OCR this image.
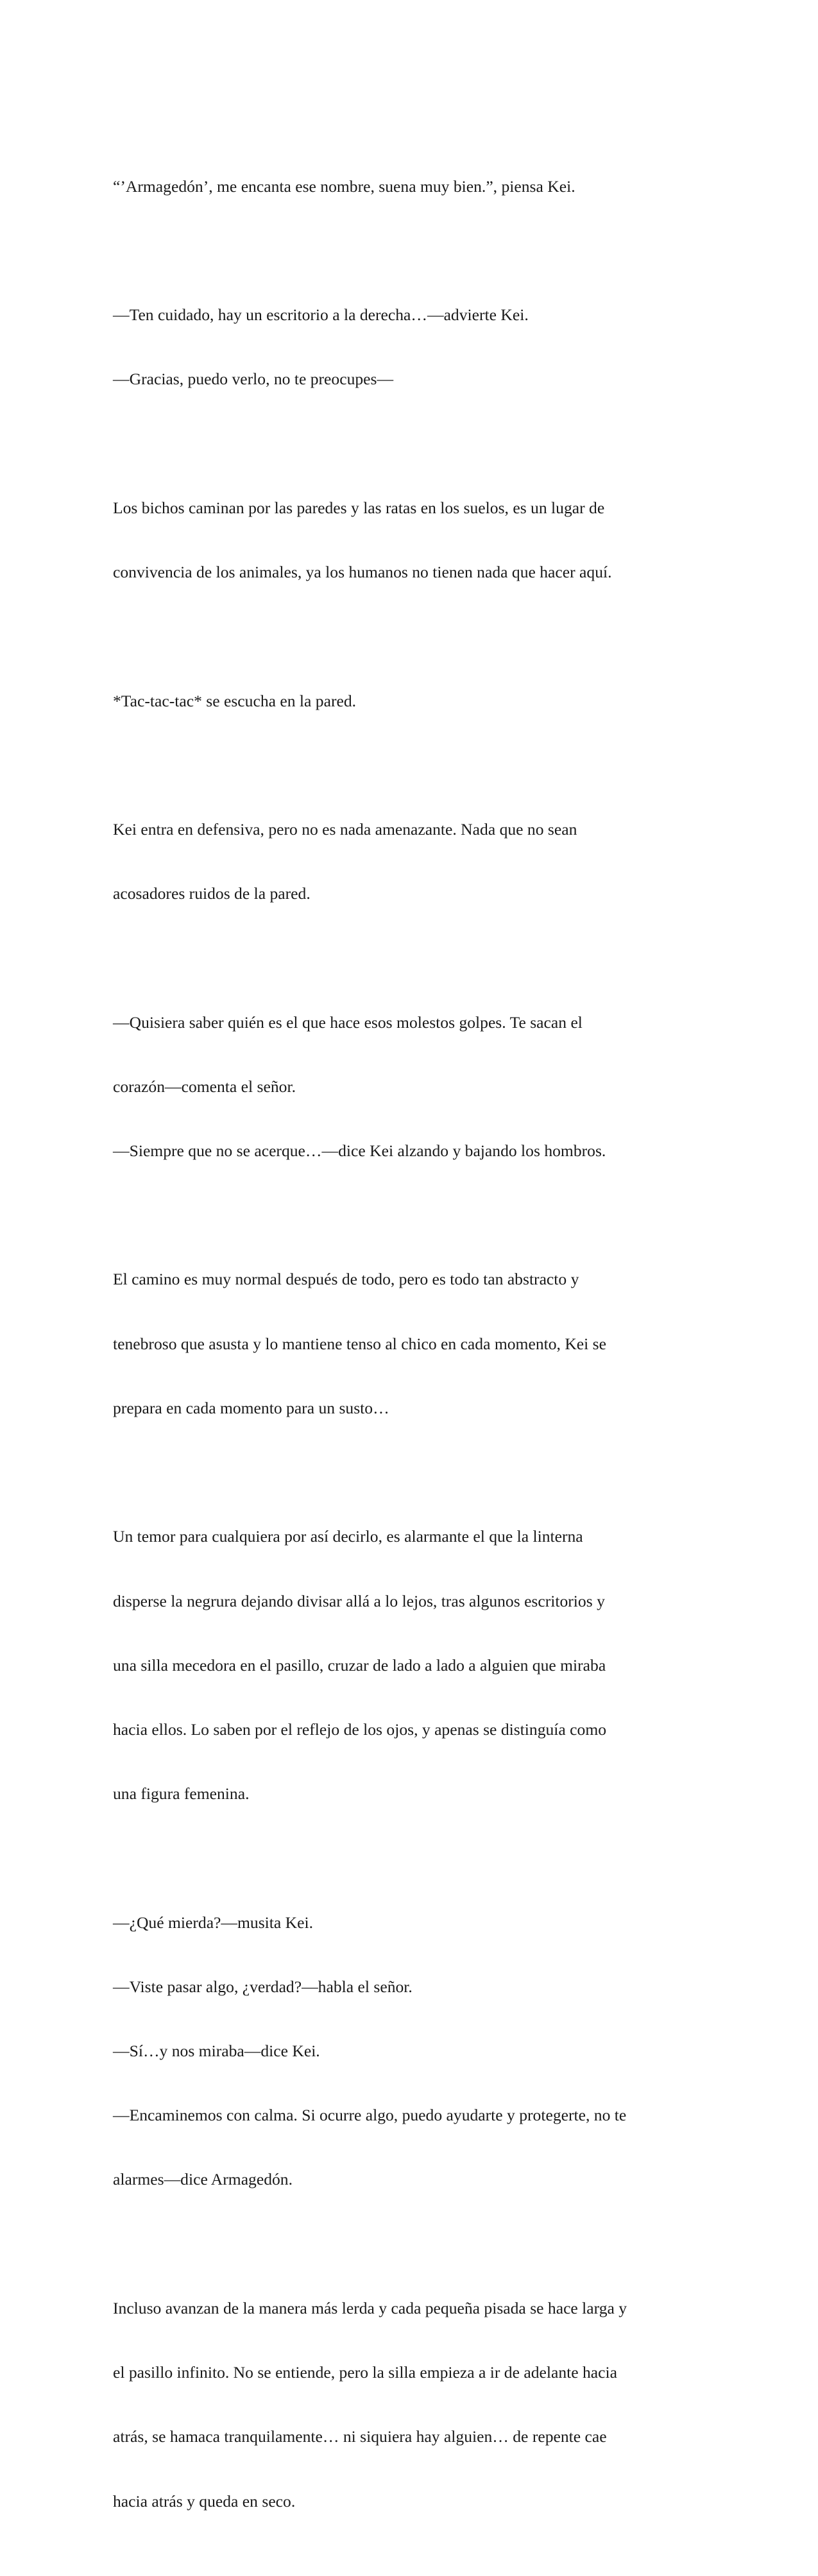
“’Armagedón’, me encanta ese nombre, suena muy bien.”, piensa Kei.

—Ten cuidado, hay un escritorio a la derecha…—advierte Kei.

—Gracias, puedo verlo, no te preocupes—

Los bichos caminan por las paredes y las ratas en los suelos, es un lugar de

convivencia de los animales, ya los humanos no tienen nada que hacer aquí.

*Tac-tac-tac* se escucha en la pared.

Kei entra en defensiva, pero no es nada amenazante. Nada que no sean

acosadores ruidos de la pared.

—Quisiera saber quién es el que hace esos molestos golpes. Te sacan el

corazón—comenta el señor.

—Siempre que no se acerque…—dice Kei alzando y bajando los hombros.

El camino es muy normal después de todo, pero es todo tan abstracto y

tenebroso que asusta y lo mantiene tenso al chico en cada momento, Kei se

prepara en cada momento para un susto…

Un temor para cualquiera por así decirlo, es alarmante el que la linterna

disperse la negrura dejando divisar allá a lo lejos, tras algunos escritorios y

una silla mecedora en el pasillo, cruzar de lado a lado a alguien que miraba

hacia ellos. Lo saben por el reflejo de los ojos, y apenas se distinguía como

una figura femenina.

—¿Qué mierda?—musita Kei.

—Viste pasar algo, ¿verdad?—habla el señor.

—Sí…y nos miraba—dice Kei.

—Encaminemos con calma. Si ocurre algo, puedo ayudarte y protegerte, no te

alarmes—dice Armagedón.

Incluso avanzan de la manera más lerda y cada pequeña pisada se hace larga y

el pasillo infinito. No se entiende, pero la silla empieza a ir de adelante hacia

atrás, se hamaca tranquilamente… ni siquiera hay alguien… de repente cae

hacia atrás y queda en seco.
